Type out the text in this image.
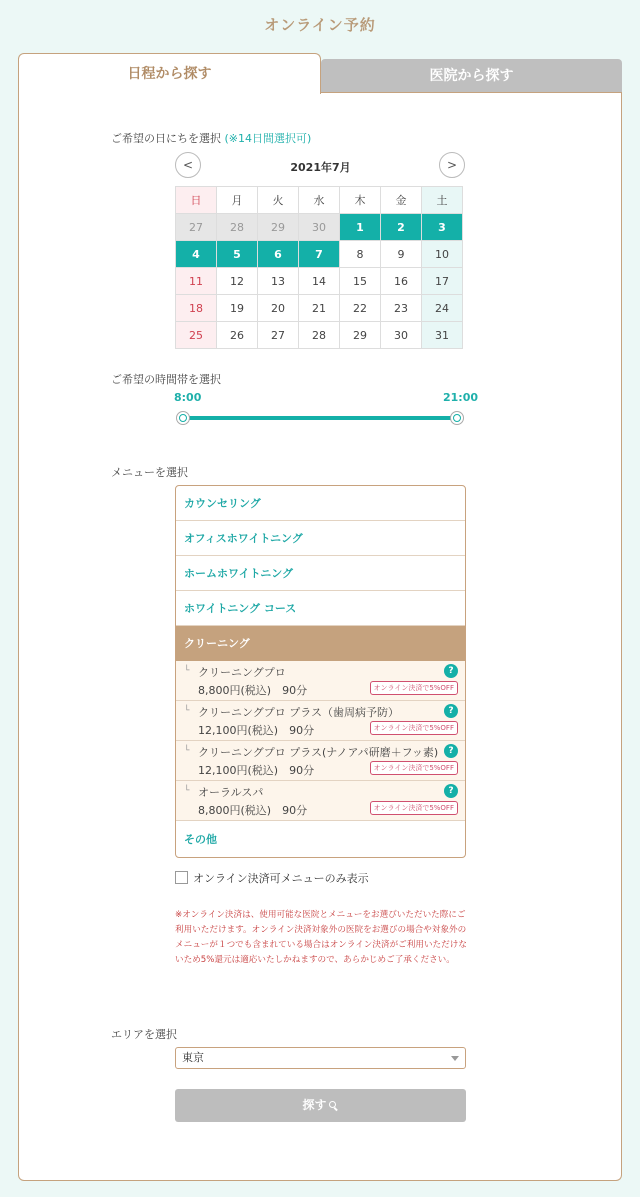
オンライン予約
日程から探す	医院から探す
ご希望の日にちを選択 (※14日間選択可)
<	2021年7月	>
日	月	火	水	木	金	土
27	28	29	30	1	2	3
4	5	6	7	8	9	10
11	12	13	14	15	16	17
18	19	20	21	22	23	24
25	26	27	28	29	30	31
ご希望の時間帯を選択
8:00	21:00
メニューを選択
カウンセリング
オフィスホワイトニング
ホームホワイトニング
ホワイトニング コース
クリーニング
└ クリーニングプロ
8,800円(税込)　90分
?
オンライン決済で5%OFF
└ クリーニングプロ プラス（歯周病予防）
12,100円(税込)　90分
?
オンライン決済で5%OFF
└ クリーニングプロ プラス(ナノアパ研磨＋フッ素)
12,100円(税込)　90分
?
オンライン決済で5%OFF
└ オーラルスパ
8,800円(税込)　90分
?
オンライン決済で5%OFF
その他
オンライン決済可メニューのみ表示
※オンライン決済は、使用可能な医院とメニューをお選びいただいた際にご利用いただけます。オンライン決済対象外の医院をお選びの場合や対象外のメニューが１つでも含まれている場合はオンライン決済がご利用いただけないため5%還元は適応いたしかねますので、あらかじめご了承ください。
エリアを選択
東京
探す
